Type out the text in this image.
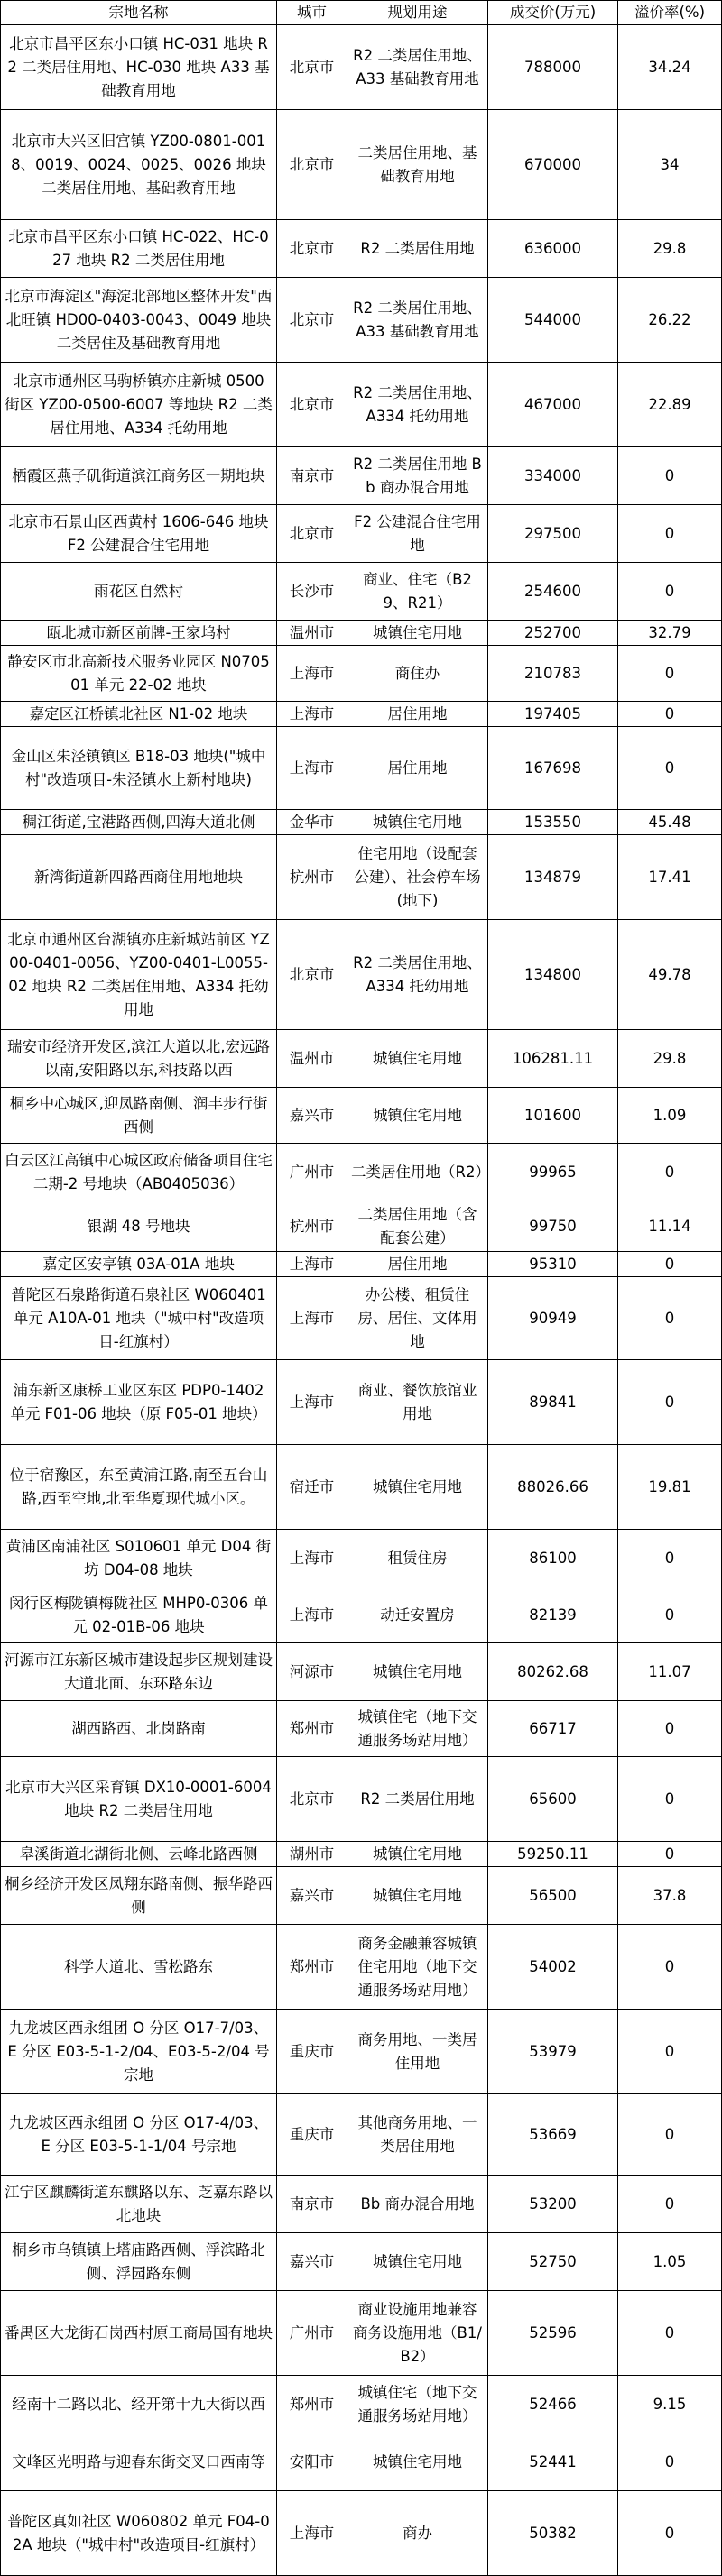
宗地名称	城市	规划用途	成交价(万元)	溢价率(%)
北京市昌平区东小口镇 HC-031 地块 R2 二类居住用地、HC-030 地块 A33 基础教育用地	北京市	R2 二类居住用地、A33 基础教育用地	788000	34.24
北京市大兴区旧宫镇 YZ00-0801-0018、0019、0024、0025、0026 地块二类居住用地、基础教育用地	北京市	二类居住用地、基础教育用地	670000	34
北京市昌平区东小口镇 HC-022、HC-027 地块 R2 二类居住用地	北京市	R2 二类居住用地	636000	29.8
北京市海淀区"海淀北部地区整体开发"西北旺镇 HD00-0403-0043、0049 地块二类居住及基础教育用地	北京市	R2 二类居住用地、A33 基础教育用地	544000	26.22
北京市通州区马驹桥镇亦庄新城 0500 街区 YZ00-0500-6007 等地块 R2 二类居住用地、A334 托幼用地	北京市	R2 二类居住用地、A334 托幼用地	467000	22.89
栖霞区燕子矶街道滨江商务区一期地块	南京市	R2 二类居住用地 Bb 商办混合用地	334000	0
北京市石景山区西黄村 1606-646 地块 F2 公建混合住宅用地	北京市	F2 公建混合住宅用地	297500	0
雨花区自然村	长沙市	商业、住宅（B29、R21）	254600	0
瓯北城市新区前牌-王家坞村	温州市	城镇住宅用地	252700	32.79
静安区市北高新技术服务业园区 N070501 单元 22-02 地块	上海市	商住办	210783	0
嘉定区江桥镇北社区 N1-02 地块	上海市	居住用地	197405	0
金山区朱泾镇镇区 B18-03 地块("城中村"改造项目-朱泾镇水上新村地块)	上海市	居住用地	167698	0
稠江街道,宝港路西侧,四海大道北侧	金华市	城镇住宅用地	153550	45.48
新湾街道新四路西商住用地地块	杭州市	住宅用地（设配套公建）、社会停车场(地下)	134879	17.41
北京市通州区台湖镇亦庄新城站前区 YZ00-0401-0056、YZ00-0401-L0055-02 地块 R2 二类居住用地、A334 托幼用地	北京市	R2 二类居住用地、A334 托幼用地	134800	49.78
瑞安市经济开发区,滨江大道以北,宏远路以南,安阳路以东,科技路以西	温州市	城镇住宅用地	106281.11	29.8
桐乡中心城区,迎凤路南侧、润丰步行街西侧	嘉兴市	城镇住宅用地	101600	1.09
白云区江高镇中心城区政府储备项目住宅二期-2 号地块（AB0405036）	广州市	二类居住用地（R2）	99965	0
银湖 48 号地块	杭州市	二类居住用地（含配套公建）	99750	11.14
嘉定区安亭镇 03A-01A 地块	上海市	居住用地	95310	0
普陀区石泉路街道石泉社区 W060401 单元 A10A-01 地块（"城中村"改造项目-红旗村）	上海市	办公楼、租赁住房、居住、文体用地	90949	0
浦东新区康桥工业区东区 PDP0-1402 单元 F01-06 地块（原 F05-01 地块）	上海市	商业、餐饮旅馆业用地	89841	0
位于宿豫区，东至黄浦江路,南至五台山路,西至空地,北至华夏现代城小区。	宿迁市	城镇住宅用地	88026.66	19.81
黄浦区南浦社区 S010601 单元 D04 街坊 D04-08 地块	上海市	租赁住房	86100	0
闵行区梅陇镇梅陇社区 MHP0-0306 单元 02-01B-06 地块	上海市	动迁安置房	82139	0
河源市江东新区城市建设起步区规划建设大道北面、东环路东边	河源市	城镇住宅用地	80262.68	11.07
湖西路西、北岗路南	郑州市	城镇住宅（地下交通服务场站用地）	66717	0
北京市大兴区采育镇 DX10-0001-6004 地块 R2 二类居住用地	北京市	R2 二类居住用地	65600	0
皋溪街道北湖街北侧、云峰北路西侧	湖州市	城镇住宅用地	59250.11	0
桐乡经济开发区凤翔东路南侧、振华路西侧	嘉兴市	城镇住宅用地	56500	37.8
科学大道北、雪松路东	郑州市	商务金融兼容城镇住宅用地（地下交通服务场站用地）	54002	0
九龙坡区西永组团 O 分区 O17-7/03、E 分区 E03-5-1-2/04、E03-5-2/04 号宗地	重庆市	商务用地、一类居住用地	53979	0
九龙坡区西永组团 O 分区 O17-4/03、E 分区 E03-5-1-1/04 号宗地	重庆市	其他商务用地、一类居住用地	53669	0
江宁区麒麟街道东麒路以东、芝嘉东路以北地块	南京市	Bb 商办混合用地	53200	0
桐乡市乌镇镇上塔庙路西侧、浮滨路北侧、浮园路东侧	嘉兴市	城镇住宅用地	52750	1.05
番禺区大龙街石岗西村原工商局国有地块	广州市	商业设施用地兼容商务设施用地（B1/B2）	52596	0
经南十二路以北、经开第十九大街以西	郑州市	城镇住宅（地下交通服务场站用地）	52466	9.15
文峰区光明路与迎春东街交叉口西南等	安阳市	城镇住宅用地	52441	0
普陀区真如社区 W060802 单元 F04-02A 地块（"城中村"改造项目-红旗村）	上海市	商办	50382	0
